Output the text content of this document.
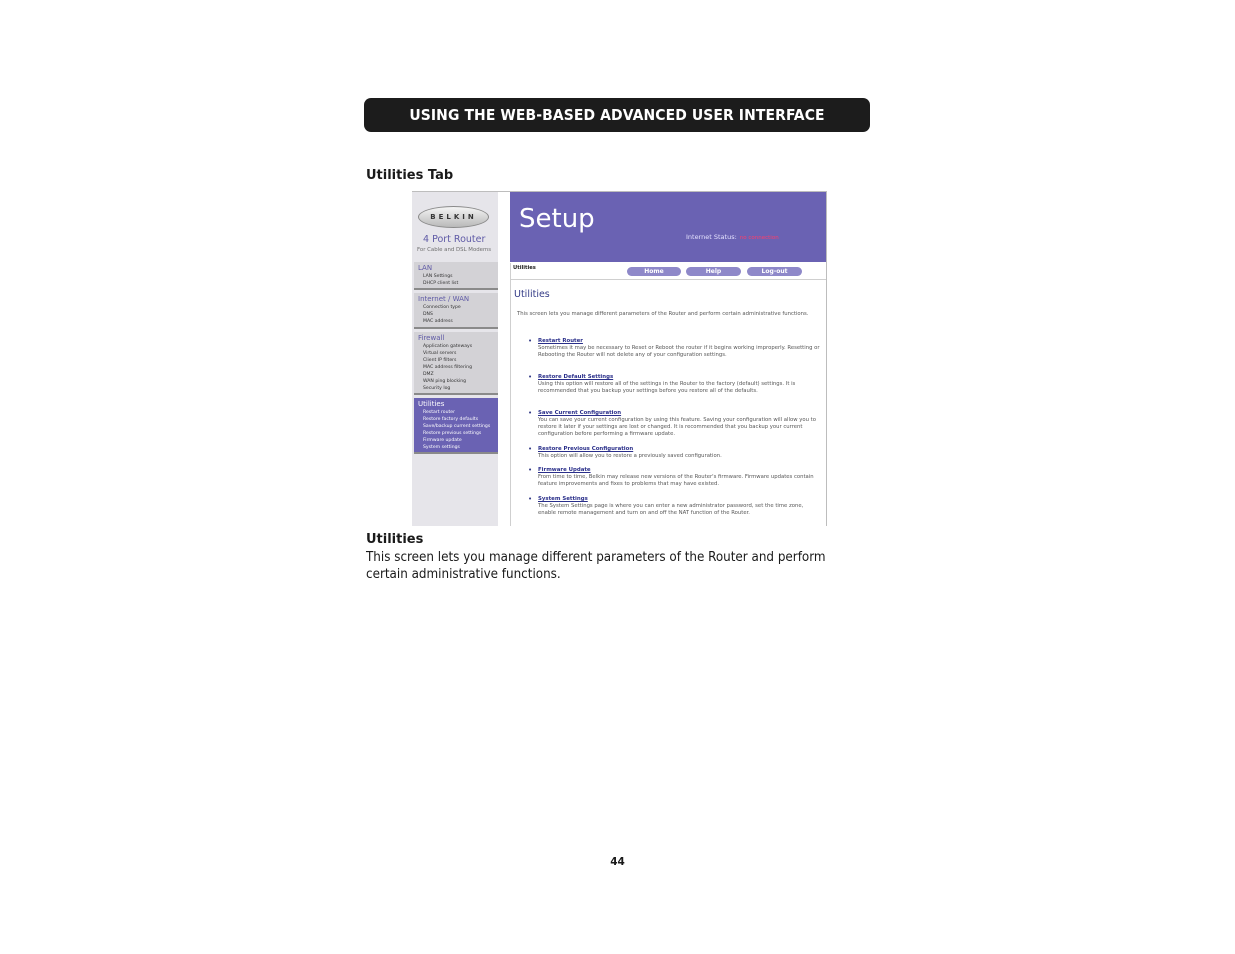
USING THE WEB-BASED ADVANCED USER INTERFACE
Utilities Tab
BELKIN
4 Port Router
For Cable and DSL Modems
LAN
LAN Settings
DHCP client list
Internet / WAN
Connection type
DNS
MAC address
Firewall
Application gateways
Virtual servers
Client IP filters
MAC address filtering
DMZ
WAN ping blocking
Security log
Utilities
Restart router
Restore factory defaults
Save/backup current settings
Restore previous settings
Firmware update
System settings
Setup
Internet Status: no connection
Utilities	Home	Help	Log-out
Utilities
This screen lets you manage different parameters of the Router and perform certain administrative functions.
• Restart Router
Sometimes it may be necessary to Reset or Reboot the router if it begins working improperly. Resetting or Rebooting the Router will not delete any of your configuration settings.
• Restore Default Settings
Using this option will restore all of the settings in the Router to the factory (default) settings. It is recommended that you backup your settings before you restore all of the defaults.
• Save Current Configuration
You can save your current configuration by using this feature. Saving your configuration will allow you to restore it later if your settings are lost or changed. It is recommended that you backup your current configuration before performing a firmware update.
• Restore Previous Configuration
This option will allow you to restore a previously saved configuration.
• Firmware Update
From time to time, Belkin may release new versions of the Router's firmware. Firmware updates contain feature improvements and fixes to problems that may have existed.
• System Settings
The System Settings page is where you can enter a new administrator password, set the time zone, enable remote management and turn on and off the NAT function of the Router.
Utilities
This screen lets you manage different parameters of the Router and perform certain administrative functions.
44
